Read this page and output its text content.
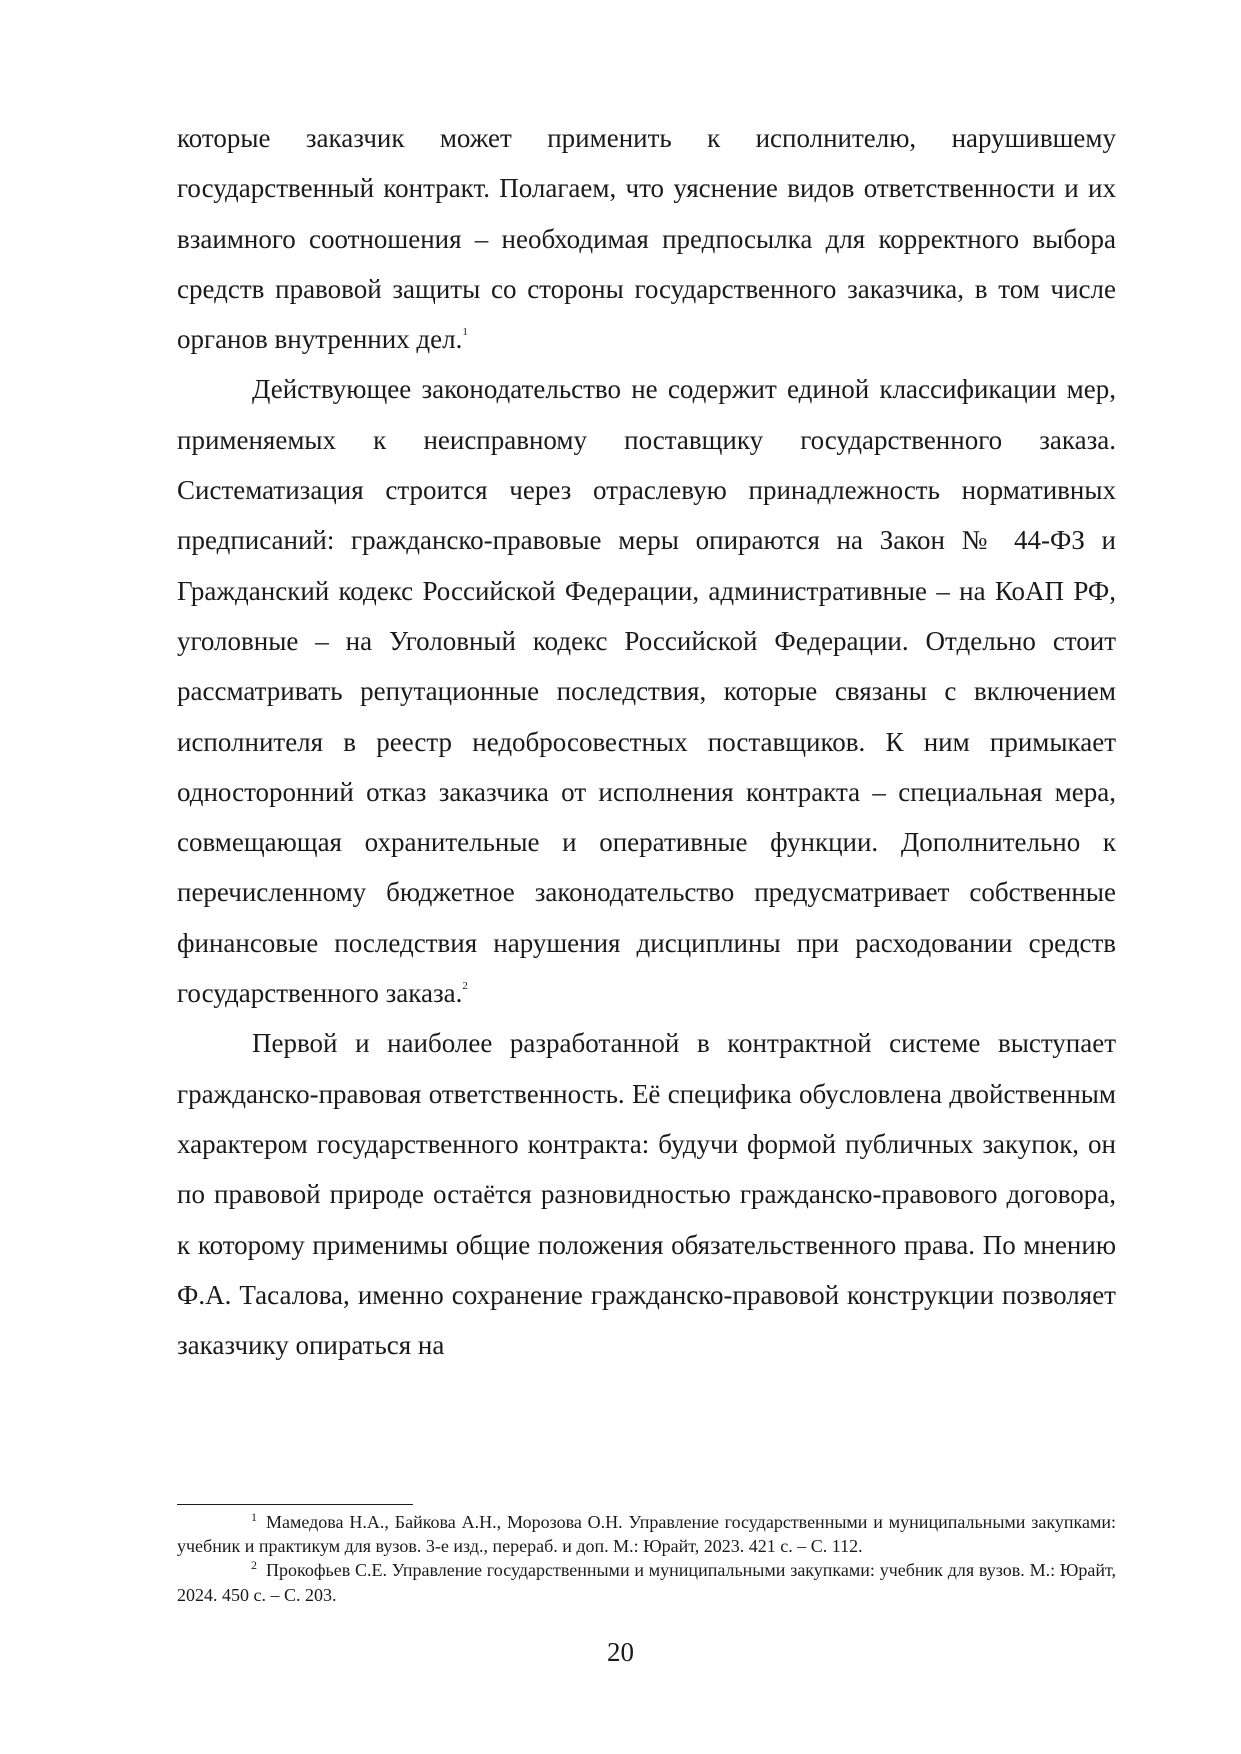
которые заказчик может применить к исполнителю, нарушившему государственный контракт. Полагаем, что уяснение видов ответственности и их взаимного соотношения – необходимая предпосылка для корректного выбора средств правовой защиты со стороны государственного заказчика, в том числе органов внутренних дел.$^1$

Действующее законодательство не содержит единой классификации мер, применяемых к неисправному поставщику государственного заказа. Систематизация строится через отраслевую принадлежность нормативных предписаний: гражданско-правовые меры опираются на Закон № 44-ФЗ и Гражданский кодекс Российской Федерации, административные – на КоАП РФ, уголовные – на Уголовный кодекс Российской Федерации. Отдельно стоит рассматривать репутационные последствия, которые связаны с включением исполнителя в реестр недобросовестных поставщиков. К ним примыкает односторонний отказ заказчика от исполнения контракта – специальная мера, совмещающая охранительные и оперативные функции. Дополнительно к перечисленному бюджетное законодательство предусматривает собственные финансовые последствия нарушения дисциплины при расходовании средств государственного заказа.$^2$

Первой и наиболее разработанной в контрактной системе выступает гражданско-правовая ответственность. Её специфика обусловлена двойственным характером государственного контракта: будучи формой публичных закупок, он по правовой природе остаётся разновидностью гражданско-правового договора, к которому применимы общие положения обязательственного права. По мнению Ф.А. Тасалова, именно сохранение гражданско-правовой конструкции позволяет заказчику опираться на

$^1$ Мамедова Н.А., Байкова А.Н., Морозова О.Н. Управление государственными и муниципальными закупками: учебник и практикум для вузов. 3-е изд., перераб. и доп. М.: Юрайт, 2023. 421 с. – С. 112.

$^2$ Прокофьев С.Е. Управление государственными и муниципальными закупками: учебник для вузов. М.: Юрайт, 2024. 450 с. – С. 203.

20
